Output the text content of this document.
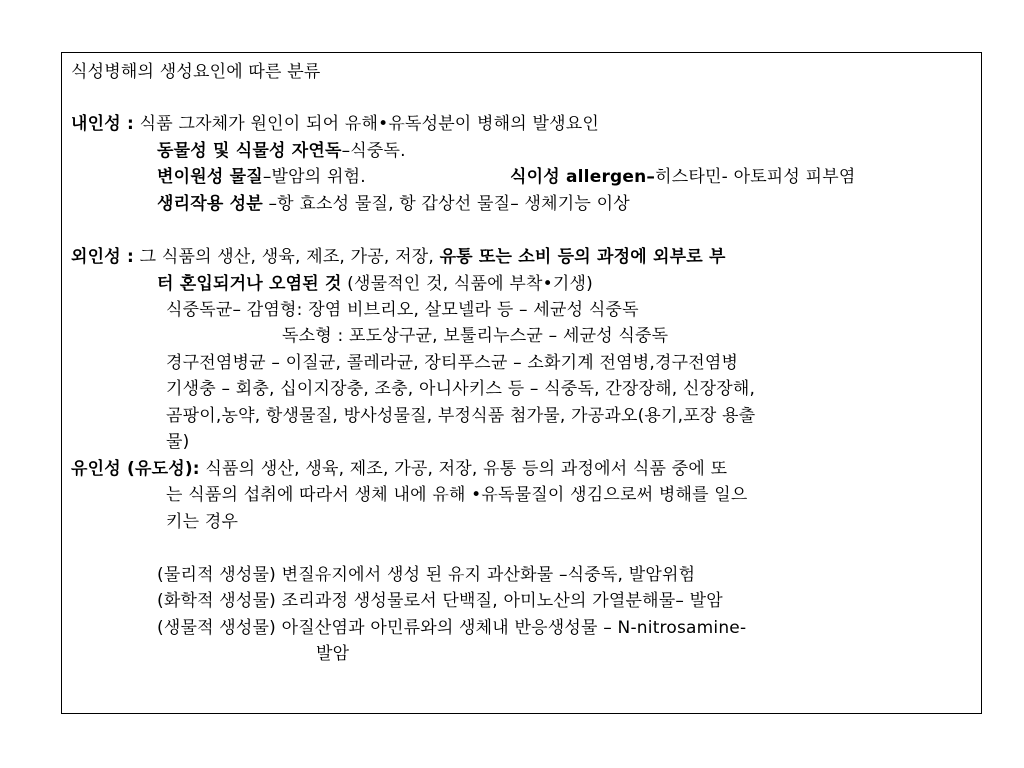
식성병해의 생성요인에 따른 분류
내인성 : 식품 그자체가 원인이 되어 유해•유독성분이 병해의 발생요인
동물성 및 식물성 자연독–식중독.
변이원성 물질–발암의 위험.	식이성 allergen–히스타민- 아토피성 피부염
생리작용 성분 –항 효소성 물질, 항 갑상선 물질– 생체기능 이상
외인성 : 그 식품의 생산, 생육, 제조, 가공, 저장, 유통 또는 소비 등의 과정에 외부로 부
터 혼입되거나 오염된 것 (생물적인 것, 식품에 부착•기생)
식중독균– 감염형: 장염 비브리오, 살모넬라 등 – 세균성 식중독
독소형 : 포도상구균, 보툴리누스균 – 세균성 식중독
경구전염병균 – 이질균, 콜레라균, 장티푸스균 – 소화기계 전염병,경구전염병
기생충 – 회충, 십이지장충, 조충, 아니사키스 등 – 식중독, 간장장해, 신장장해,
곰팡이,농약, 항생물질, 방사성물질, 부정식품 첨가물, 가공과오(용기,포장 용출
물)
유인성 (유도성): 식품의 생산, 생육, 제조, 가공, 저장, 유통 등의 과정에서 식품 중에 또
는 식품의 섭취에 따라서 생체 내에 유해 •유독물질이 생김으로써 병해를 일으
키는 경우
(물리적 생성물) 변질유지에서 생성 된 유지 과산화물 –식중독, 발암위험
(화학적 생성물) 조리과정 생성물로서 단백질, 아미노산의 가열분해물– 발암
(생물적 생성물) 아질산염과 아민류와의 생체내 반응생성물 – N-nitrosamine-
발암
